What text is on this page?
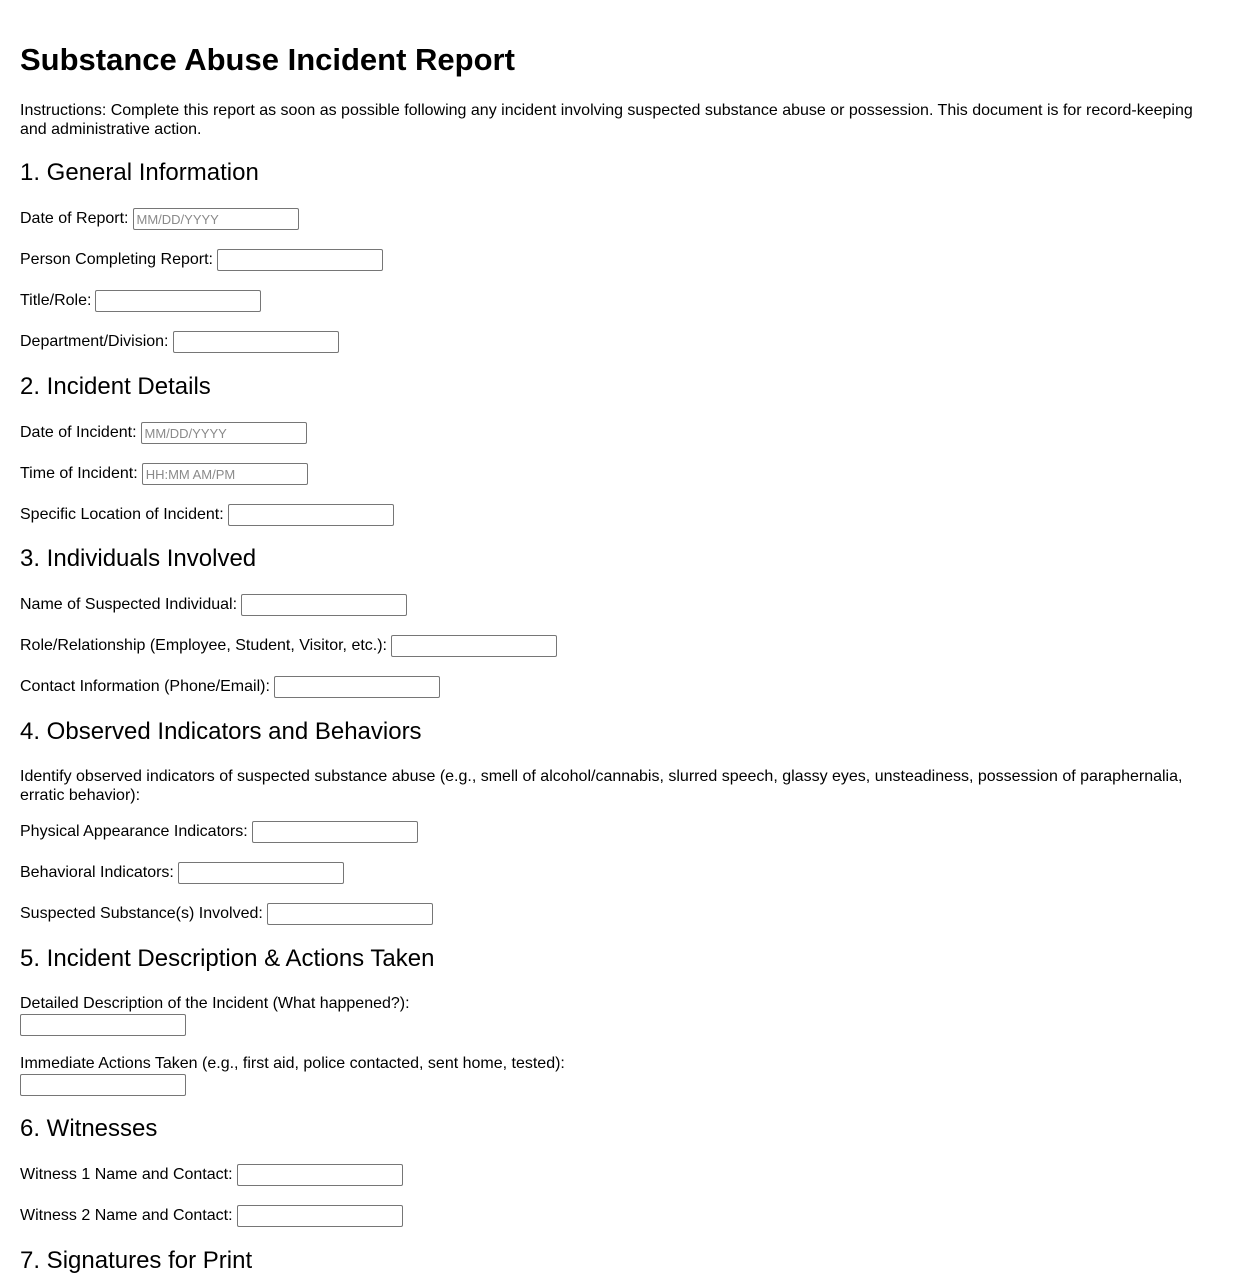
Substance Abuse Incident Report

Instructions: Complete this report as soon as possible following any incident involving suspected substance abuse or possession. This document is for record-keeping and administrative action.

1. General Information
Date of Report:
MM/DD/YYYY
Person Completing Report:
Title/Role:
Department/Division:
2. Incident Details
Date of Incident:
MM/DD/YYYY
Time of Incident:
HH:MM AM/PM
Specific Location of Incident:
3. Individuals Involved
Name of Suspected Individual:
Role/Relationship (Employee, Student, Visitor, etc.):
Contact Information (Phone/Email):
4. Observed Indicators and Behaviors

Identify observed indicators of suspected substance abuse (e.g., smell of alcohol/cannabis, slurred speech, glassy eyes, unsteadiness, possession of paraphernalia, erratic behavior):

Physical Appearance Indicators:
Behavioral Indicators:
Suspected Substance(s) Involved:
5. Incident Description & Actions Taken
Detailed Description of the Incident (What happened?):
Immediate Actions Taken (e.g., first aid, police contacted, sent home, tested):
6. Witnesses
Witness 1 Name and Contact:
Witness 2 Name and Contact:
7. Signatures for Print
